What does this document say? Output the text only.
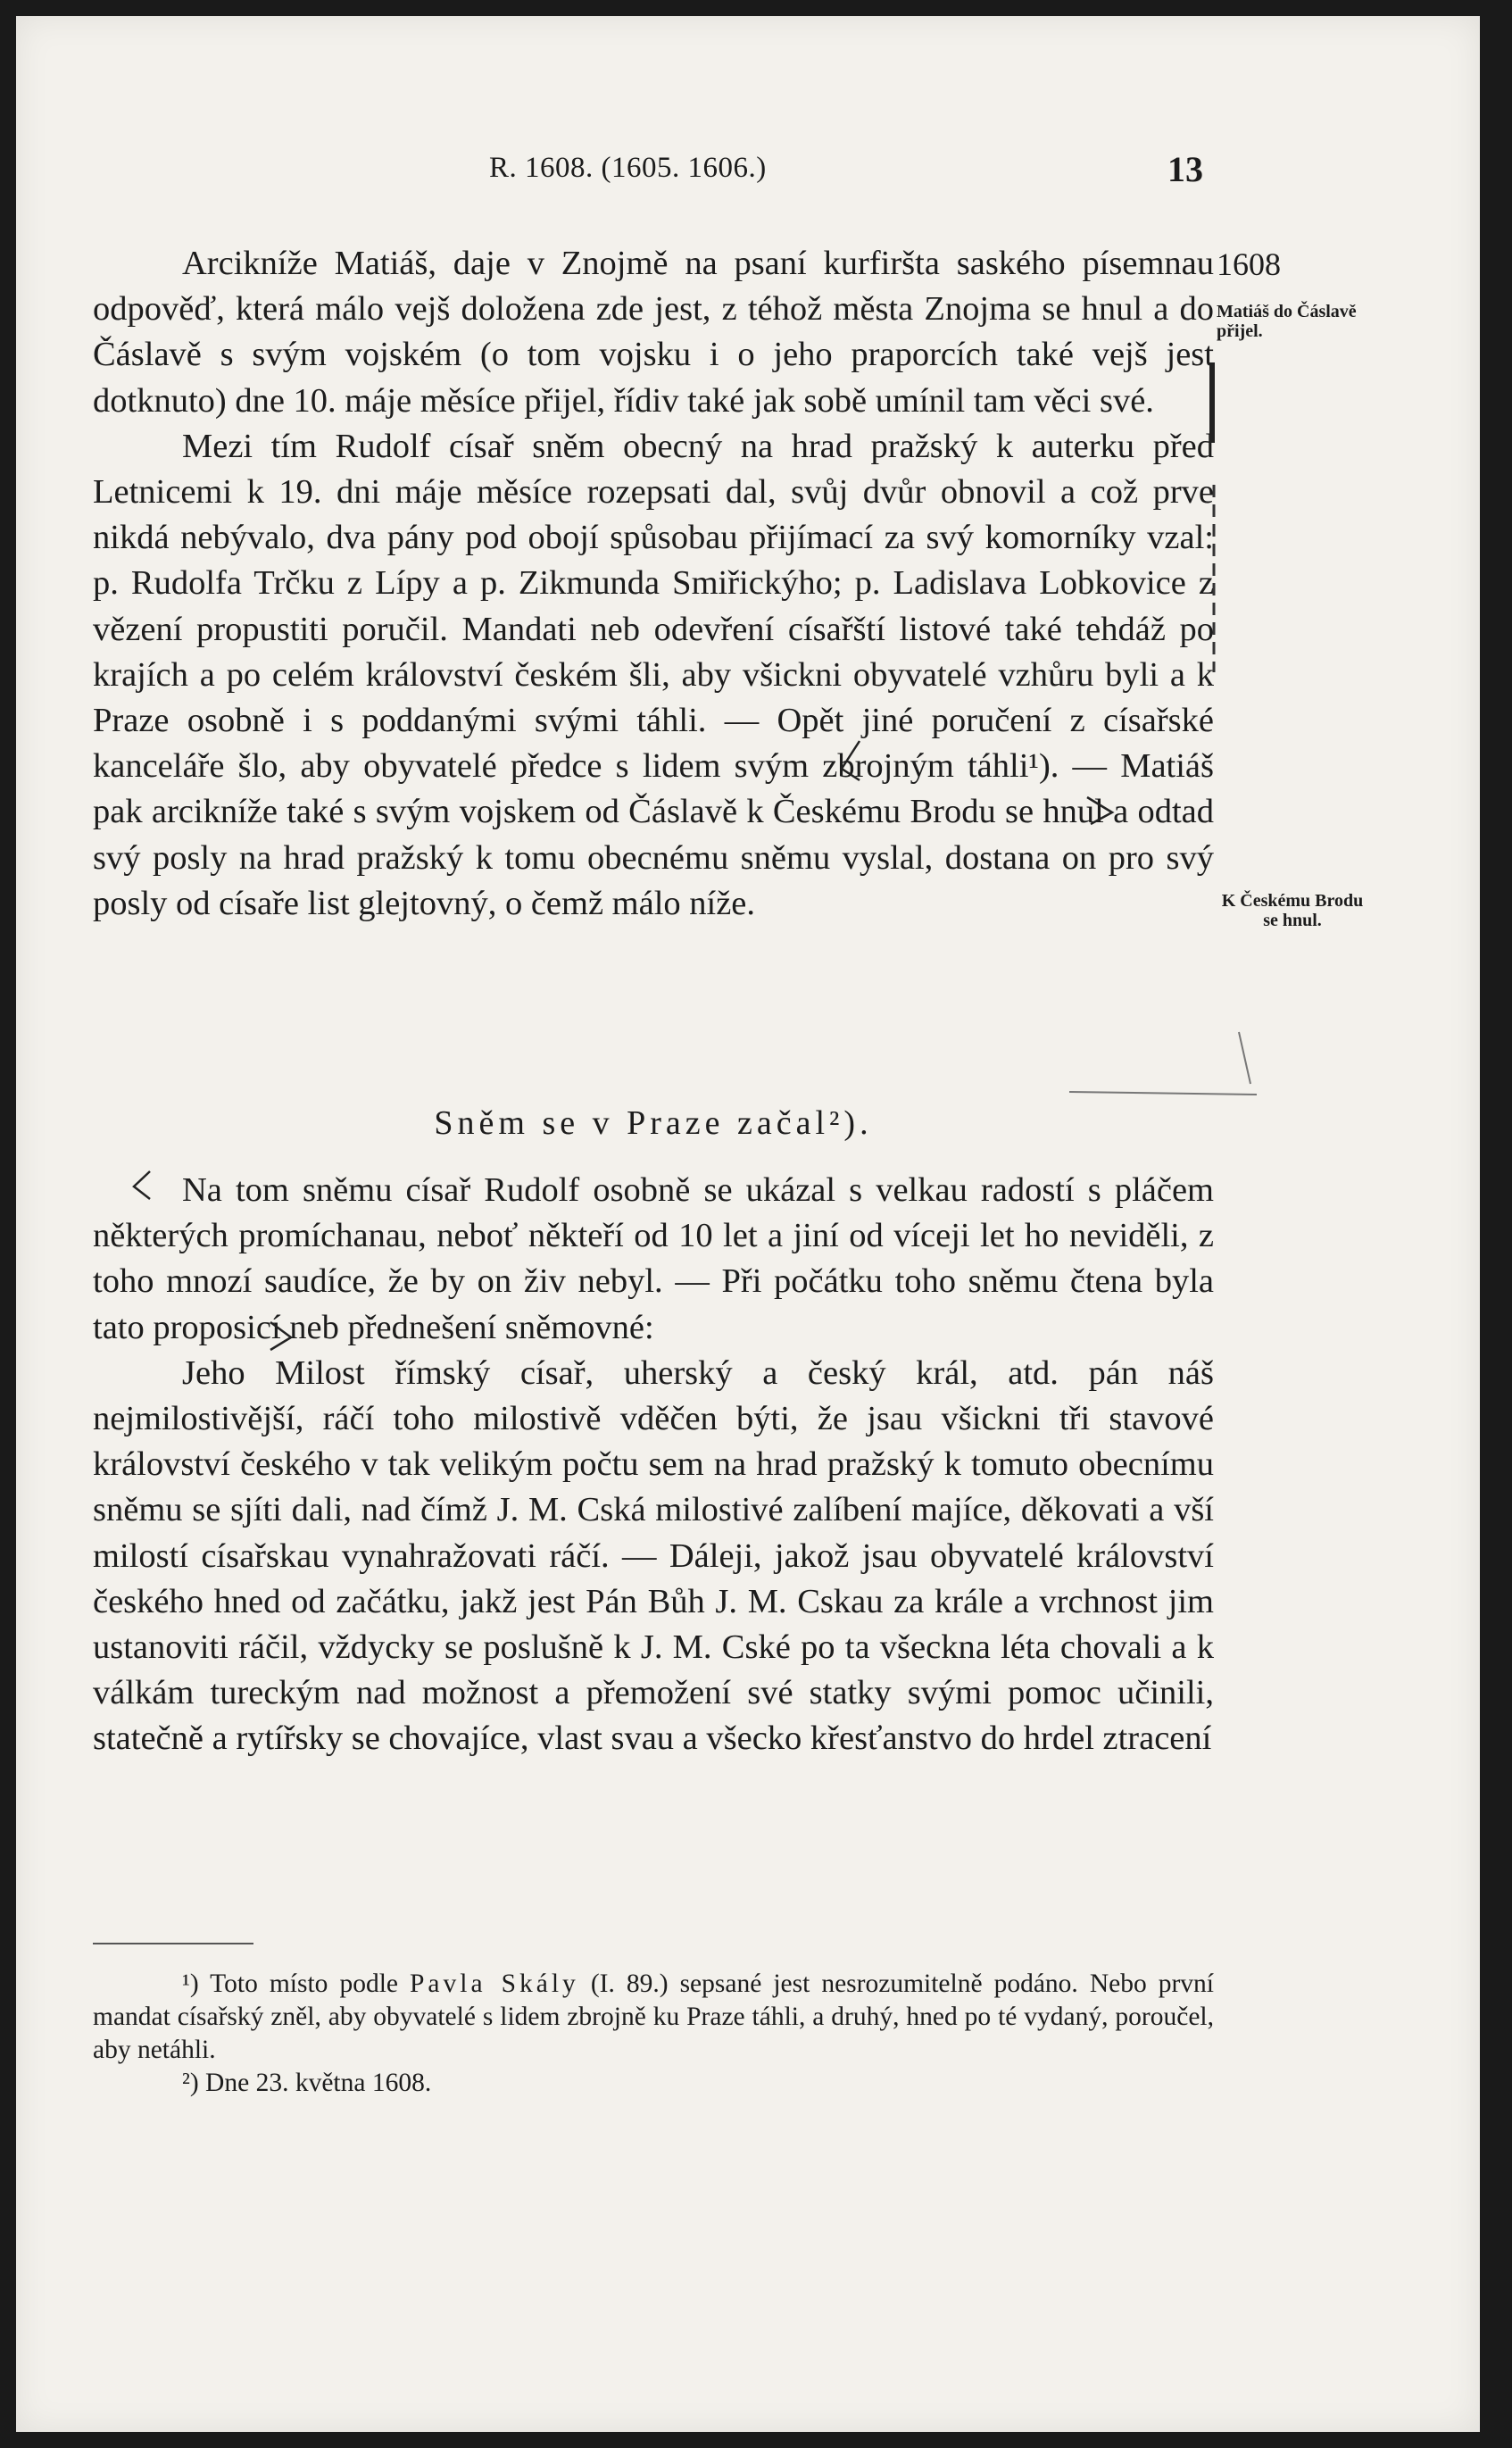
R. 1608. (1605. 1606.)	13
1608
Matiáš do Čáslavě přijel.
K Českému Brodu se hnul.

Arcikníže Matiáš, daje v Znojmě na psaní kurfiršta saského písemnau odpověď, která málo vejš doložena zde jest, z téhož města Znojma se hnul a do Čáslavě s svým vojském (o tom vojsku i o jeho praporcích také vejš jest dotknuto) dne 10. máje měsíce přijel, řídiv také jak sobě umínil tam věci své.

Mezi tím Rudolf císař sněm obecný na hrad pražský k auterku před Letnicemi k 19. dni máje měsíce rozepsati dal, svůj dvůr obnovil a což prve nikdá nebývalo, dva pány pod obojí spůsobau přijímací za svý komorníky vzal: p. Rudolfa Trčku z Lípy a p. Zikmunda Smiřickýho; p. Ladislava Lobkovice z vězení propustiti poručil. Mandati neb odevření císařští listové také tehdáž po krajích a po celém království českém šli, aby všickni obyvatelé vzhůru byli a k Praze osobně i s poddanými svými táhli. — Opět jiné poručení z císařské kanceláře šlo, aby obyvatelé předce s lidem svým zbrojným táhli¹). — Matiáš pak arcikníže také s svým vojskem od Čáslavě k Českému Brodu se hnul a odtad svý posly na hrad pražský k tomu obecnému sněmu vyslal, dostana on pro svý posly od císaře list glejtovný, o čemž málo níže.

Sněm se v Praze začal²).

Na tom sněmu císař Rudolf osobně se ukázal s velkau radostí s pláčem některých promíchanau, neboť někteří od 10 let a jiní od víceji let ho neviděli, z toho mnozí saudíce, že by on živ nebyl. — Při počátku toho sněmu čtena byla tato proposicí neb přednešení sněmovné:

Jeho Milost římský císař, uherský a český král, atd. pán náš nejmilostivější, ráčí toho milostivě vděčen býti, že jsau všickni tři stavové království českého v tak velikým počtu sem na hrad pražský k tomuto obecnímu sněmu se sjíti dali, nad čímž J. M. Cská milostivé zalíbení majíce, děkovati a vší milostí císařskau vynahražovati ráčí. — Dáleji, jakož jsau obyvatelé království českého hned od začátku, jakž jest Pán Bůh J. M. Cskau za krále a vrchnost jim ustanoviti ráčil, vždycky se poslušně k J. M. Cské po ta všeckna léta chovali a k válkám tureckým nad možnost a přemožení své statky svými pomoc učinili, statečně a rytířsky se chovajíce, vlast svau a všecko křesťanstvo do hrdel ztracení

¹) Toto místo podle Pavla Skály (I. 89.) sepsané jest nesrozumitelně podáno. Nebo první mandat císařský zněl, aby obyvatelé s lidem zbrojně ku Praze táhli, a druhý, hned po té vydaný, poroučel, aby netáhli.

²) Dne 23. května 1608.
